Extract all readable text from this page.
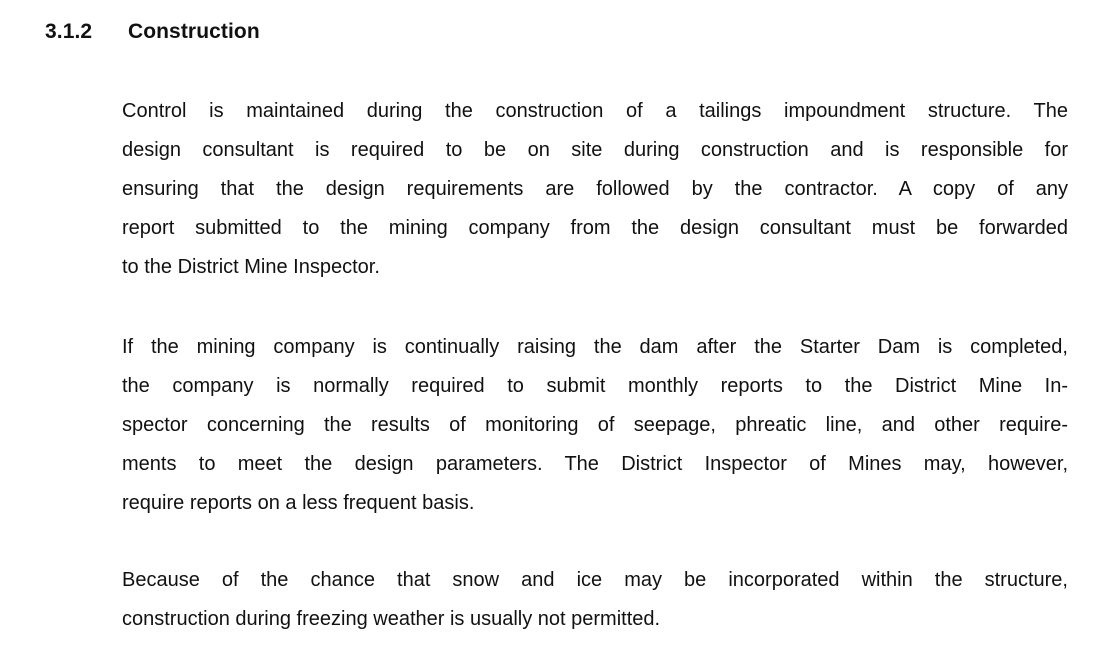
3.1.2 Construction

Control is maintained during the construction of a tailings impoundment structure. The
design consultant is required to be on site during construction and is responsible for
ensuring that the design requirements are followed by the contractor. A copy of any
report submitted to the mining company from the design consultant must be forwarded
to the District Mine Inspector.

If the mining company is continually raising the dam after the Starter Dam is completed,
the company is normally required to submit monthly reports to the District Mine In-
spector concerning the results of monitoring of seepage, phreatic line, and other require-
ments to meet the design parameters. The District Inspector of Mines may, however,
require reports on a less frequent basis.

Because of the chance that snow and ice may be incorporated within the structure,
construction during freezing weather is usually not permitted.
